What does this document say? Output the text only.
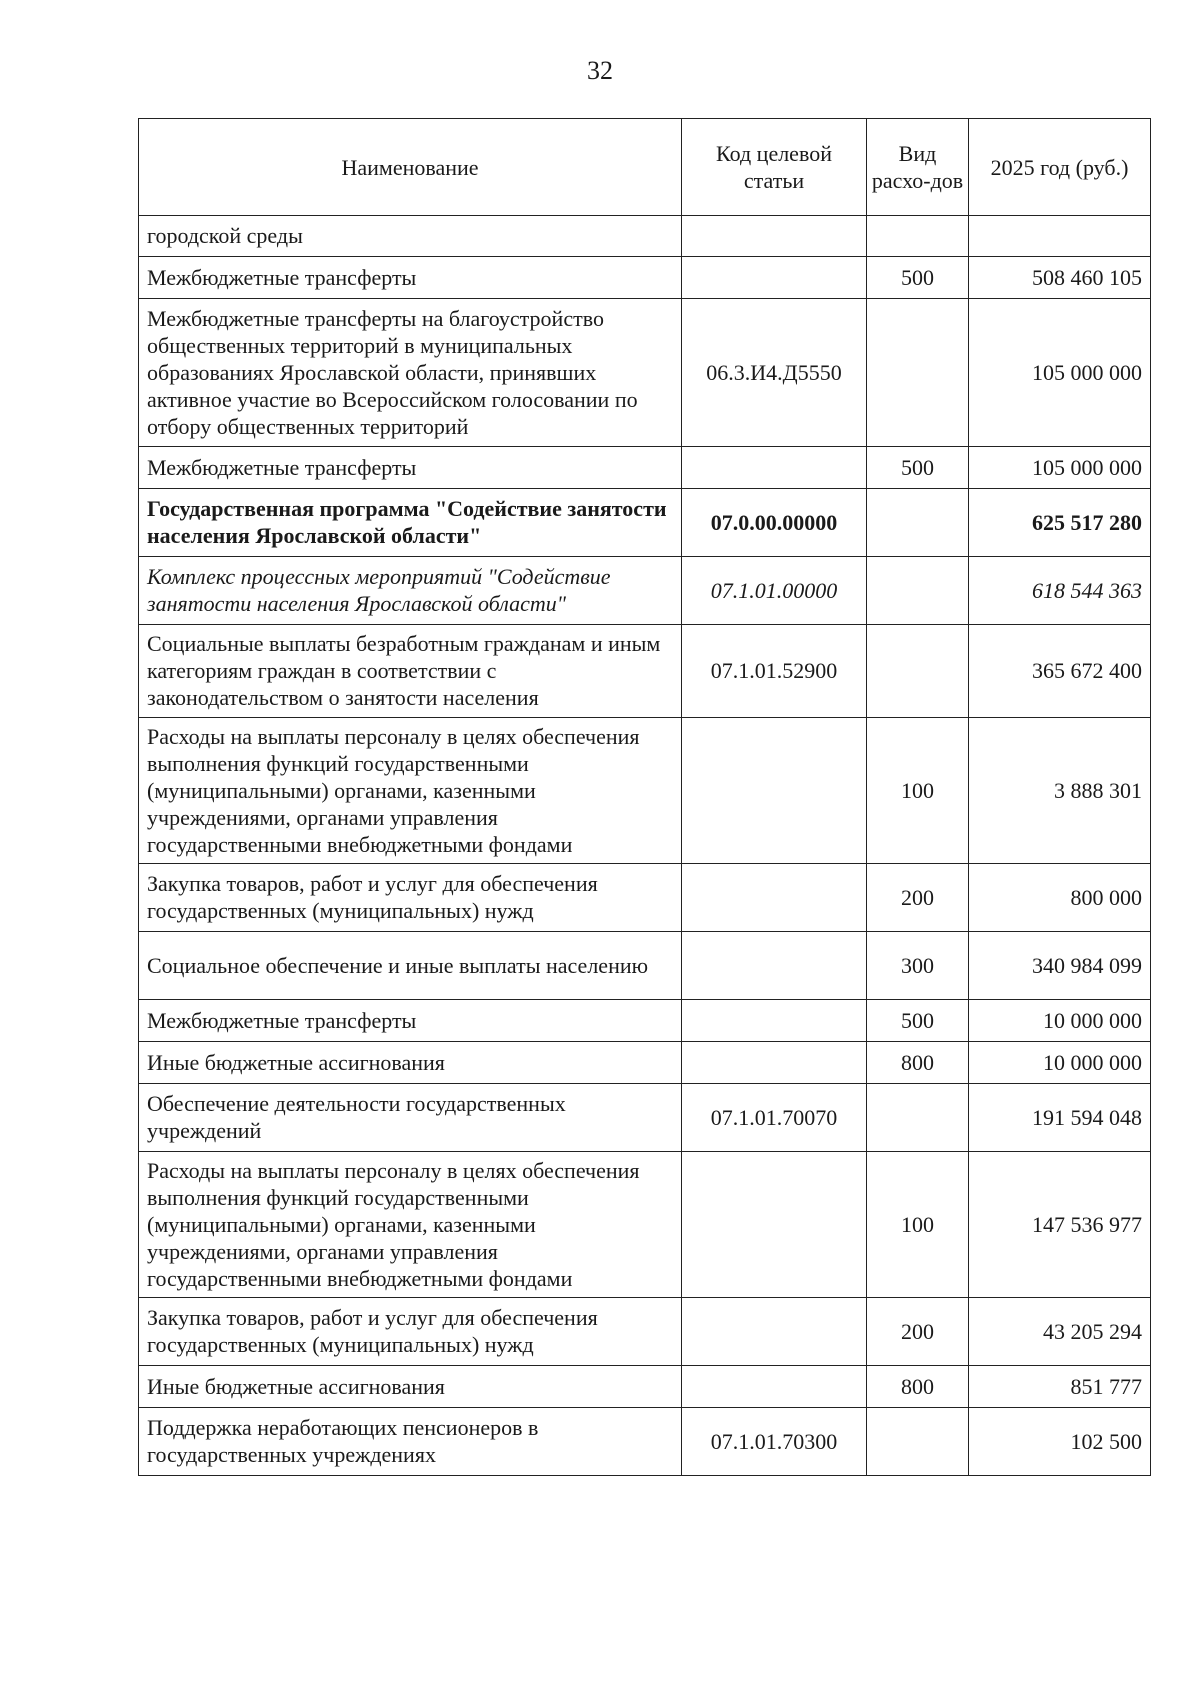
32
Наименование	Код целевой статьи	Вид расхо-дов	2025 год (руб.)
городской среды			
Межбюджетные трансферты		500	508 460 105
Межбюджетные трансферты на благоустройство общественных территорий в муниципальных образованиях Ярославской области, принявших активное участие во Всероссийском голосовании по отбору общественных территорий	06.3.И4.Д5550		105 000 000
Межбюджетные трансферты		500	105 000 000
Государственная программа "Содействие занятости населения Ярославской области"	07.0.00.00000		625 517 280
Комплекс процессных мероприятий "Содействие занятости населения Ярославской области"	07.1.01.00000		618 544 363
Социальные выплаты безработным гражданам и иным категориям граждан в соответствии с законодательством о занятости населения	07.1.01.52900		365 672 400
Расходы на выплаты персоналу в целях обеспечения выполнения функций государственными (муниципальными) органами, казенными учреждениями, органами управления государственными внебюджетными фондами		100	3 888 301
Закупка товаров, работ и услуг для обеспечения государственных (муниципальных) нужд		200	800 000
Социальное обеспечение и иные выплаты населению		300	340 984 099
Межбюджетные трансферты		500	10 000 000
Иные бюджетные ассигнования		800	10 000 000
Обеспечение деятельности государственных учреждений	07.1.01.70070		191 594 048
Расходы на выплаты персоналу в целях обеспечения выполнения функций государственными (муниципальными) органами, казенными учреждениями, органами управления государственными внебюджетными фондами		100	147 536 977
Закупка товаров, работ и услуг для обеспечения государственных (муниципальных) нужд		200	43 205 294
Иные бюджетные ассигнования		800	851 777
Поддержка неработающих пенсионеров в государственных учреждениях	07.1.01.70300		102 500
